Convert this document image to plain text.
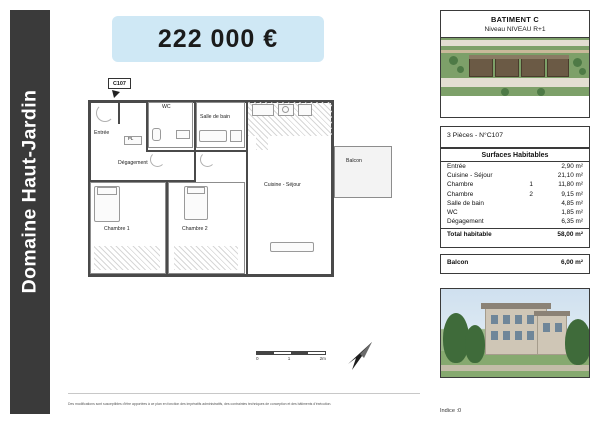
Domaine Haut-Jardin
222 000 €
WC
Salle de bain
Entrée
PL
Dégagement
Chambre 1	Chambre 2
Cuisine - Séjour
Balcon
C107
0	1	2m
Des modifications sont susceptibles d'être apportées à ce plan en fonction des impératifs administratifs, des contraintes techniques de conception et des bâtiments d'éxécution.
BATIMENT C
Niveau NIVEAU R+1
3 Pièces - N°C107
Surfaces Habitables
Entrée		2,90 m²
Cuisine - Séjour		21,10 m²
Chambre	1	11,80 m²
Chambre	2	9,15 m²
Salle de bain		4,85 m²
WC		1,85 m²
Dégagement		6,35 m²
Total habitable		58,00 m²
Balcon	6,00 m²
Indice :0
